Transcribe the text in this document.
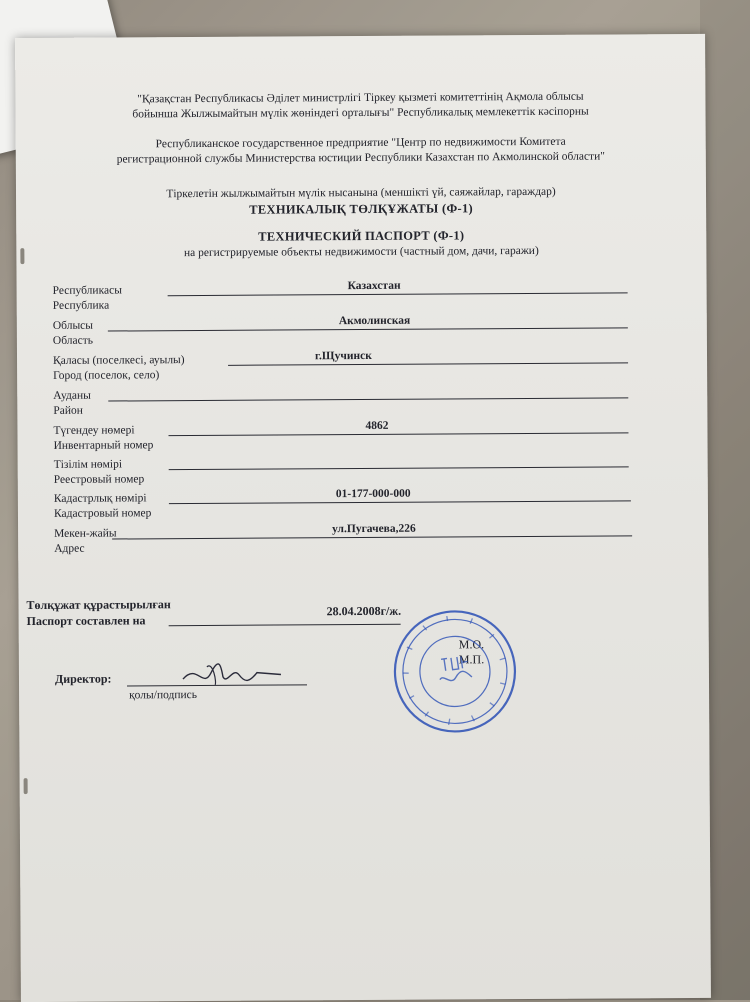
"Қазақстан Республикасы Әділет министрлігі Тіркеу қызметі комитеттінің Ақмола облысы
бойынша Жылжымайтын мүлік жөніндегі орталығы" Республикалық мемлекеттік кәсіпорны
Республиканское государственное предприятие "Центр по недвижимости Комитета
регистрационной службы Министерства юстиции Республики Казахстан по Акмолинской области"
Тіркелетін жылжымайтын мүлік нысанына (меншікті үй, саяжайлар, гараждар)
ТЕХНИКАЛЫҚ ТӨЛҚҰЖАТЫ (Ф-1)
ТЕХНИЧЕСКИЙ ПАСПОРТ (Ф-1)
на регистрируемые объекты недвижимости (частный дом, дачи, гаражи)
Республикасы
Республика
Казахстан
Облысы
Область
Акмолинская
Қаласы (поселкесі, ауылы)
Город (поселок, село)
г.Щучинск
Ауданы
Район
Түгендеу нөмері
Инвентарный номер
4862
Тізілім нөмірі
Реестровый номер
Кадастрлық нөмірі
Кадастровый номер
01-177-000-000
Мекен-жайы
Адрес
ул.Пугачева,226
Төлқұжат құрастырылған
Паспорт составлен на
28.04.2008г/ж.
Директор:
қолы/подпись
М.О.
М.П.
